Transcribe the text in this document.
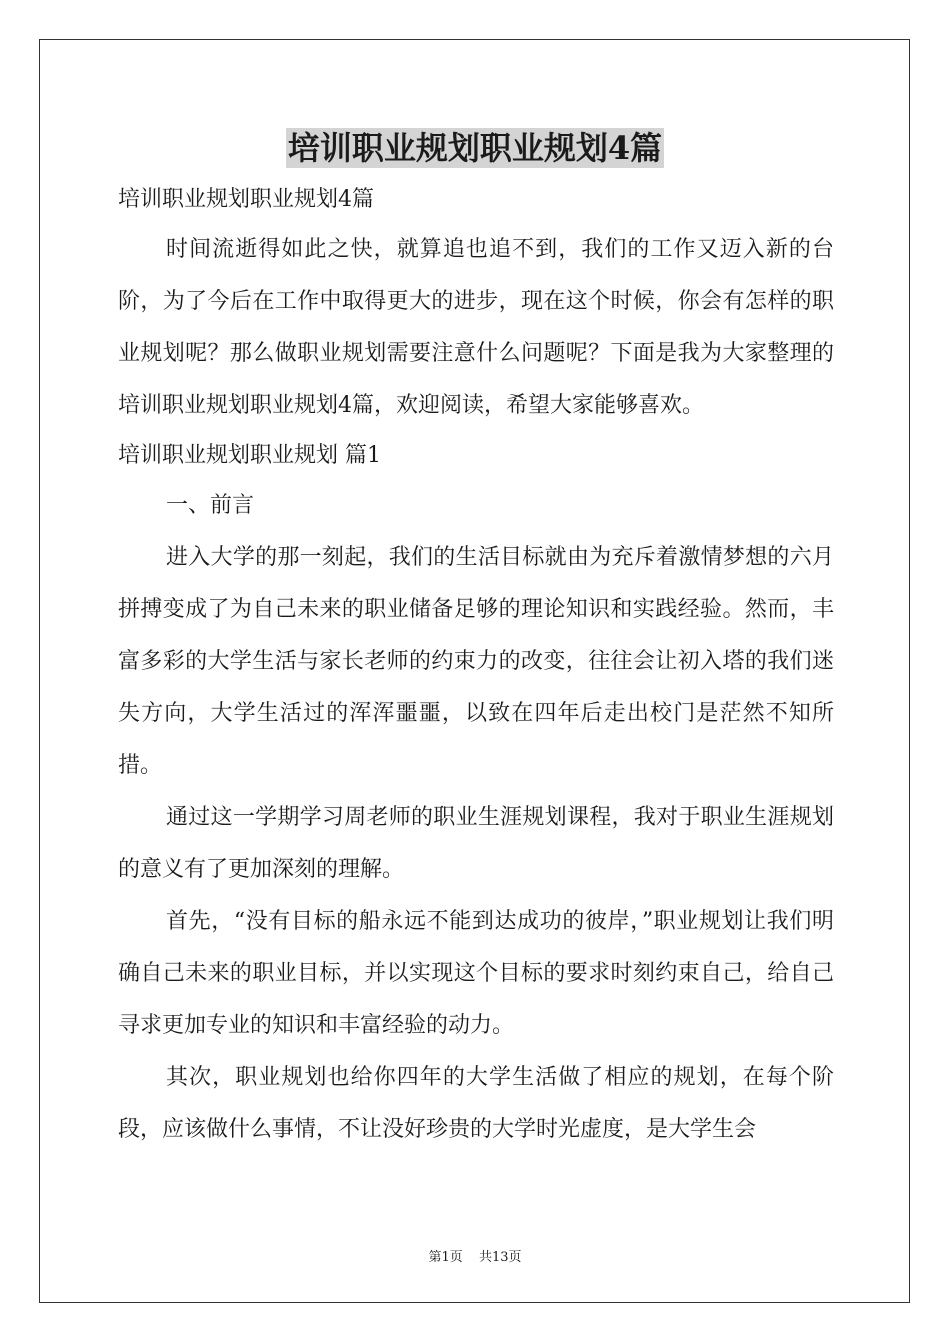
培训职业规划职业规划4篇
培训职业规划职业规划4篇

时间流逝得如此之快，就算追也追不到，我们的工作又迈入新的台阶，为了今后在工作中取得更大的进步，现在这个时候，你会有怎样的职业规划呢？那么做职业规划需要注意什么问题呢？下面是我为大家整理的培训职业规划职业规划4篇，欢迎阅读，希望大家能够喜欢。

培训职业规划职业规划 篇1

一、前言

进入大学的那一刻起，我们的生活目标就由为充斥着激情梦想的六月拼搏变成了为自己未来的职业储备足够的理论知识和实践经验。然而，丰富多彩的大学生活与家长老师的约束力的改变，往往会让初入塔的我们迷失方向，大学生活过的浑浑噩噩，以致在四年后走出校门是茫然不知所措。

通过这一学期学习周老师的职业生涯规划课程，我对于职业生涯规划的意义有了更加深刻的理解。

首先，“没有目标的船永远不能到达成功的彼岸，”职业规划让我们明确自己未来的职业目标，并以实现这个目标的要求时刻约束自己，给自己寻求更加专业的知识和丰富经验的动力。

其次，职业规划也给你四年的大学生活做了相应的规划，在每个阶段，应该做什么事情，不让没好珍贵的大学时光虚度，是大学生会

第1页 共13页
